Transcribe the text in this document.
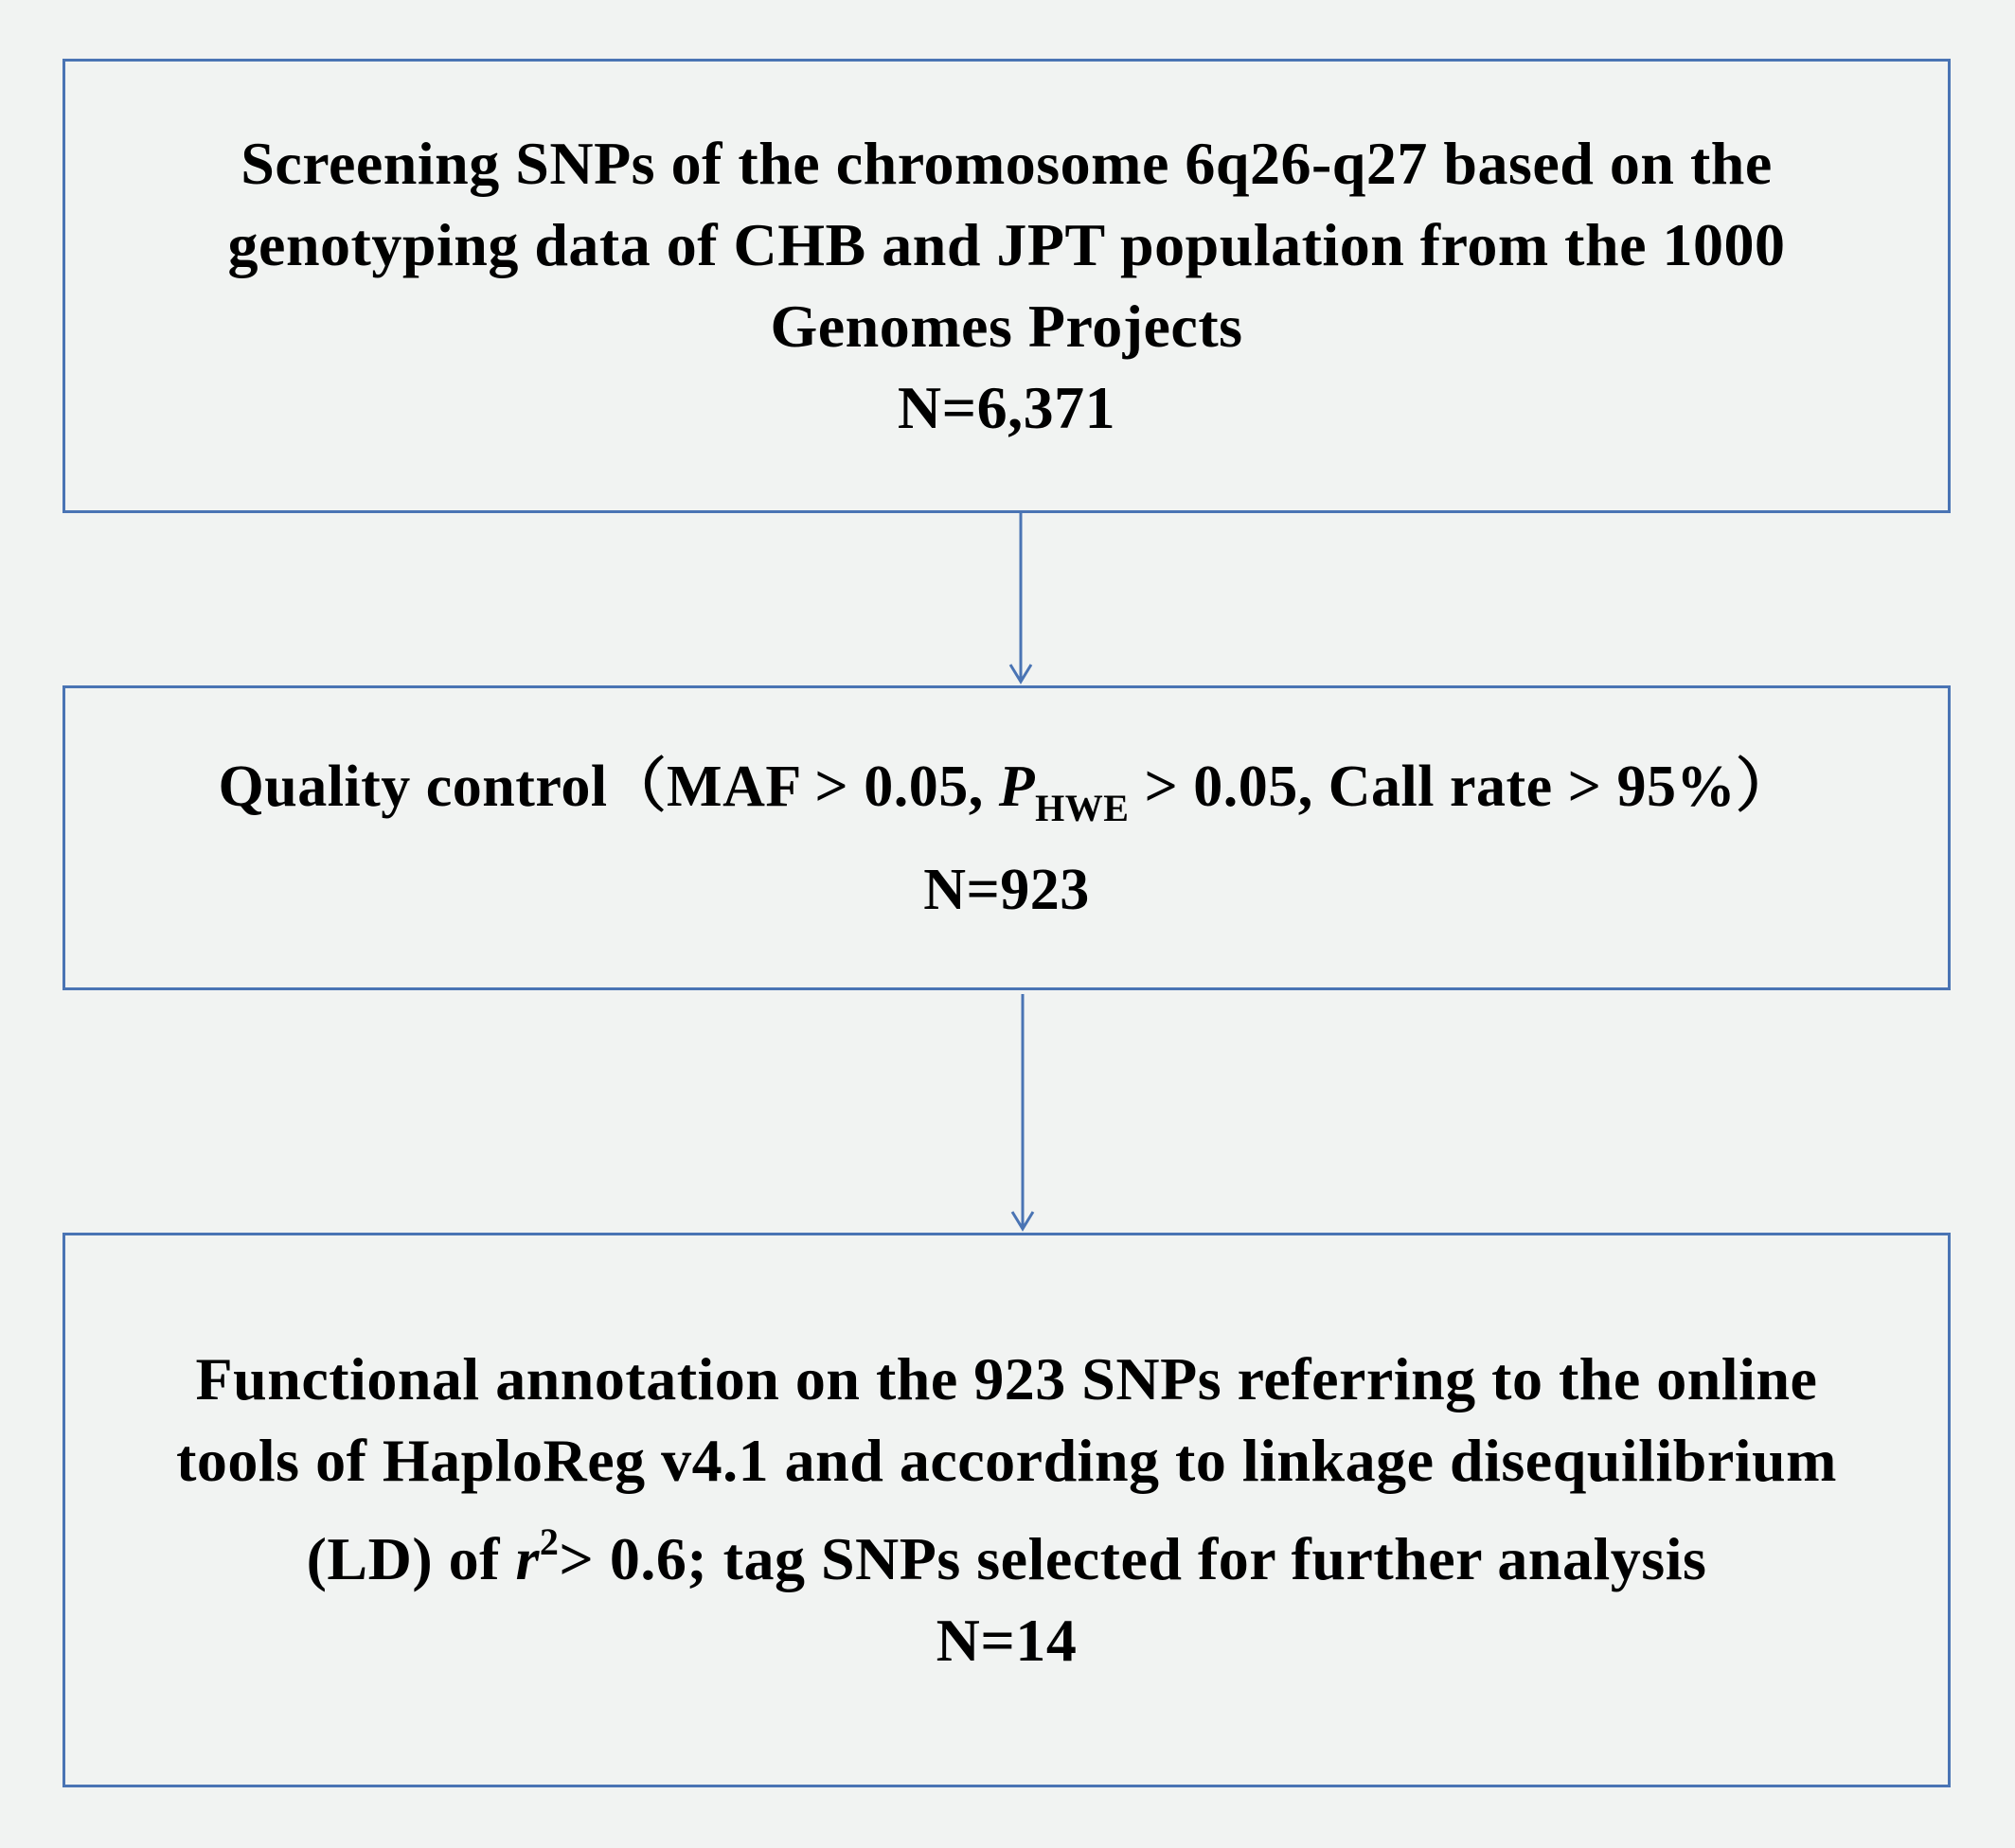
Screening SNPs of the chromosome 6q26-q27 based on the
genotyping data of CHB and JPT population from the 1000
Genomes Projects
N=6,371
Quality control（MAF > 0.05, $P_{HWE} > 0.05$, Call rate > 95%）
N=923
Functional annotation on the 923 SNPs referring to the online
tools of HaploReg v4.1 and according to linkage disequilibrium
(LD) of $r^2> 0.6$; tag SNPs selected for further analysis
N=14
